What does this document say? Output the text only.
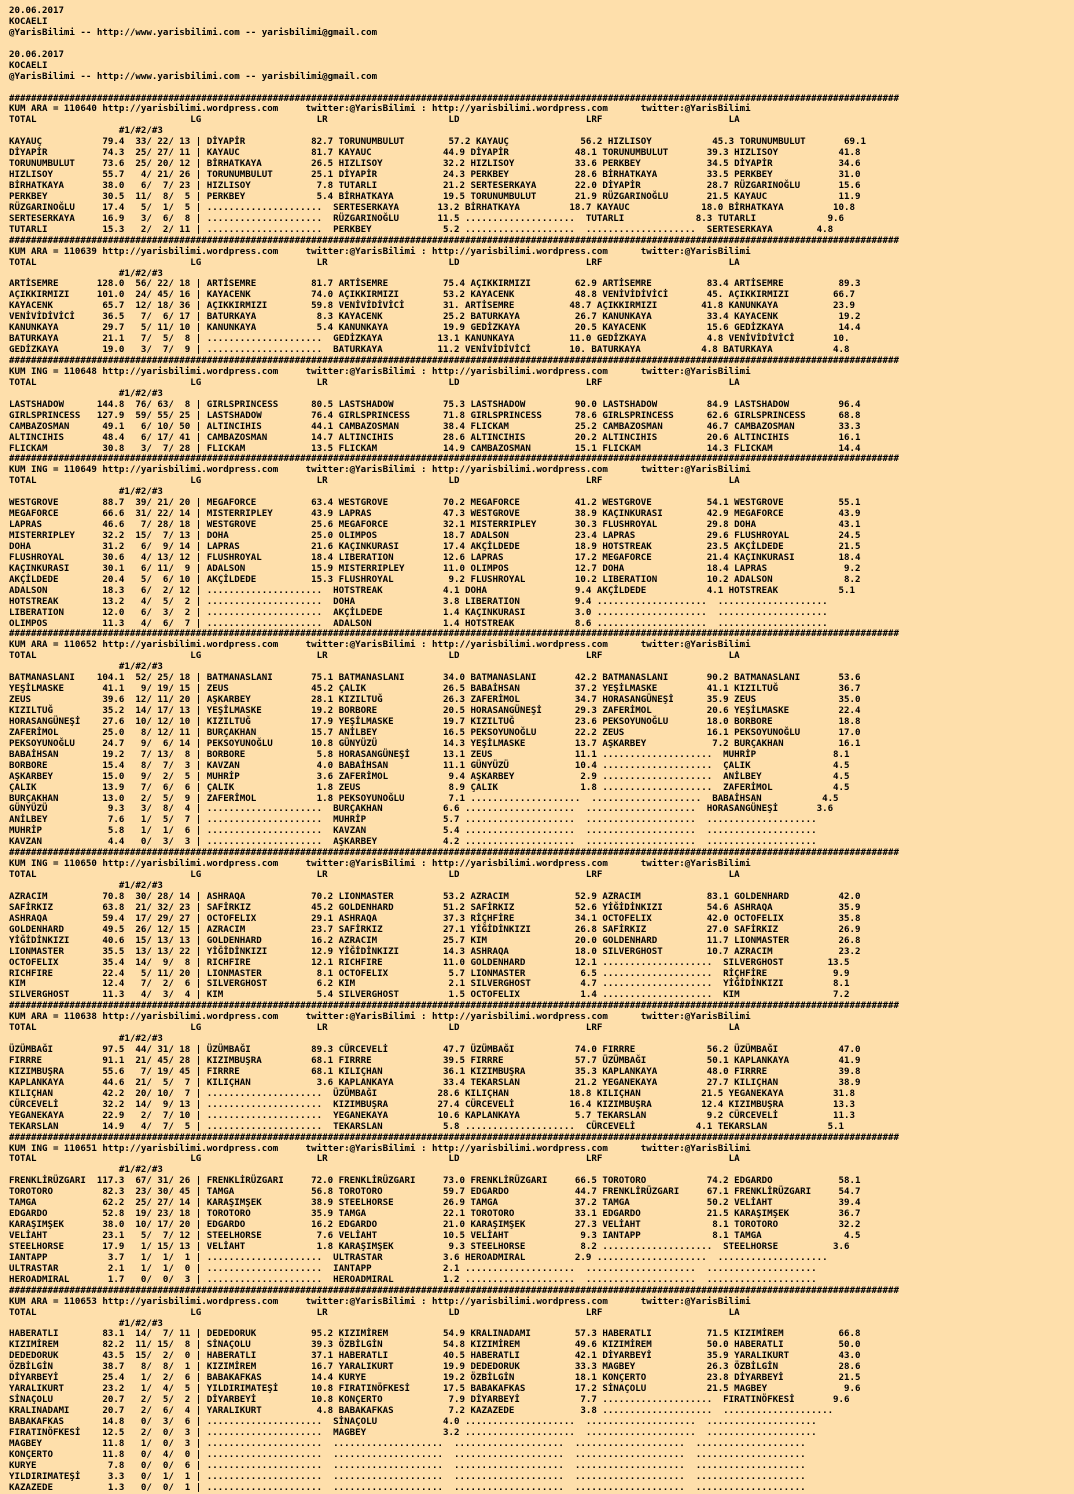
20.06.2017
KOCAELI
@YarisBilimi -- http://www.yarisbilimi.com -- yarisbilimi@gmail.com
20.06.2017
KOCAELI
@YarisBilimi -- http://www.yarisbilimi.com -- yarisbilimi@gmail.com
##################################################################################################################################################################
KUM ARA = 110640 http://yarisbilimi.wordpress.com     twitter:@YarisBilimi : http://yarisbilimi.wordpress.com      twitter:@YarisBilimi
TOTAL                            LG                     LR                      LD                       LRF                       LA
#1/#2/#3
KAYAUÇ           79.4  33/ 22/ 13 | DİYAPİR            82.7 TORUNUMBULUT        57.2 KAYAUÇ             56.2 HIZLISOY           45.3 TORUNUMBULUT       69.1
DİYAPİR          74.3  25/ 27/ 11 | KAYAUC             81.7 KAYAUC             44.9 DİYAPİR            48.1 TORUNUMBULUT       39.3 HIZLISOY           41.8
TORUNUMBULUT     73.6  25/ 20/ 12 | BİRHATKAYA         26.5 HIZLISOY           32.2 HIZLISOY           33.6 PERKBEY            34.5 DİYAPİR            34.6
HIZLISOY         55.7   4/ 21/ 26 | TORUNUMBULUT       25.1 DİYAPİR            24.3 PERKBEY            28.6 BİRHATKAYA         33.5 PERKBEY            31.0
BİRHATKAYA       38.0   6/  7/ 23 | HIZLISOY            7.8 TUTARLI            21.2 SERTESERKAYA       22.0 DİYAPİR            28.7 RÜZGARINOĞLU       15.6
PERKBEY          30.5  11/  8/  5 | PERKBEY             5.4 BİRHATKAYA         19.5 TORUNUMBULUT       21.9 RÜZGARINOĞLU       21.5 KAYAUC             11.9
RÜZGARINOĞLU     17.4   5/  1/  5 | .....................  SERTESERKAYA       13.2 BİRHATKAYA         18.7 KAYAUC             18.0 BİRHATKAYA         10.8
SERTESERKAYA     16.9   3/  6/  8 | .....................  RÜZGARINOĞLU       11.5 ....................  TUTARLI             8.3 TUTARLI             9.6
TUTARLI          15.3   2/  2/ 11 | .....................  PERKBEY             5.2 ....................  ....................  SERTESERKAYA        4.8
##################################################################################################################################################################
KUM ARA = 110639 http://yarisbilimi.wordpress.com     twitter:@YarisBilimi : http://yarisbilimi.wordpress.com      twitter:@YarisBilimi
TOTAL                            LG                     LR                      LD                       LRF                       LA
#1/#2/#3
ARTİSEMRE       128.0  56/ 22/ 18 | ARTİSEMRE          81.7 ARTİSEMRE          75.4 AÇIKKIRMIZI        62.9 ARTİSEMRE          83.4 ARTİSEMRE          89.3
AÇIKKIRMIZI     101.0  24/ 45/ 16 | KAYACENK           74.0 AÇIKKIRMIZI        53.2 KAYACENK           48.8 VENİVİDİVİCİ       45. AÇIKKIRMIZI        66.7
KAYACENK         65.7  12/ 18/ 36 | AÇIKKIRMIZI        59.8 VENİVİDİVİCİ       31. ARTİSEMRE          48.7 AÇIKKIRMIZI        41.8 KANUNKAYA          23.9
VENİVİDİVİCİ     36.5   7/  6/ 17 | BATURKAYA           8.3 KAYACENK           25.2 BATURKAYA          26.7 KANUNKAYA          33.4 KAYACENK           19.2
KANUNKAYA        29.7   5/ 11/ 10 | KANUNKAYA           5.4 KANUNKAYA          19.9 GEDİZKAYA          20.5 KAYACENK           15.6 GEDİZKAYA          14.4
BATURKAYA        21.1   7/  5/  8 | .....................  GEDİZKAYA          13.1 KANUNKAYA          11.0 GEDİZKAYA           4.8 VENİVİDİVİCİ       10.
GEDİZKAYA        19.0   3/  7/  9 | .....................  BATURKAYA          11.2 VENİVİDİVİCİ       10. BATURKAYA           4.8 BATURKAYA           4.8
##################################################################################################################################################################
KUM ING = 110648 http://yarisbilimi.wordpress.com     twitter:@YarisBilimi : http://yarisbilimi.wordpress.com      twitter:@YarisBilimi
TOTAL                            LG                     LR                      LD                       LRF                       LA
#1/#2/#3
LASTSHADOW      144.8  76/ 63/  8 | GIRLSPRINCESS      80.5 LASTSHADOW         75.3 LASTSHADOW         90.0 LASTSHADOW         84.9 LASTSHADOW         96.4
GIRLSPRINCESS   127.9  59/ 55/ 25 | LASTSHADOW         76.4 GIRLSPRINCESS      71.8 GIRLSPRINCESS      78.6 GIRLSPRINCESS      62.6 GIRLSPRINCESS      68.8
CAMBAZOSMAN      49.1   6/ 10/ 50 | ALTINCIHIS         44.1 CAMBAZOSMAN        38.4 FLICKAM            25.2 CAMBAZOSMAN        46.7 CAMBAZOSMAN        33.3
ALTINCIHIS       48.4   6/ 17/ 41 | CAMBAZOSMAN        14.7 ALTINCIHIS         28.6 ALTINCIHIS         20.2 ALTINCIHIS         20.6 ALTINCIHIS         16.1
FLICKAM          30.8   3/  7/ 28 | FLICKAM            13.5 FLICKAM            14.9 CAMBAZOSMAN        15.1 FLICKAM            14.3 FLICKAM            14.4
##################################################################################################################################################################
KUM ING = 110649 http://yarisbilimi.wordpress.com     twitter:@YarisBilimi : http://yarisbilimi.wordpress.com      twitter:@YarisBilimi
TOTAL                            LG                     LR                      LD                       LRF                       LA
#1/#2/#3
WESTGROVE        88.7  39/ 21/ 20 | MEGAFORCE          63.4 WESTGROVE          70.2 MEGAFORCE          41.2 WESTGROVE          54.1 WESTGROVE          55.1
MEGAFORCE        66.6  31/ 22/ 14 | MISTERRIPLEY       43.9 LAPRAS             47.3 WESTGROVE          38.9 KAÇINKURASI        42.9 MEGAFORCE          43.9
LAPRAS           46.6   7/ 28/ 18 | WESTGROVE          25.6 MEGAFORCE          32.1 MISTERRIPLEY       30.3 FLUSHROYAL         29.8 DOHA               43.1
MISTERRIPLEY     32.2  15/  7/ 13 | DOHA               25.0 OLIMPOS            18.7 ADALSON            23.4 LAPRAS             29.6 FLUSHROYAL         24.5
DOHA             31.2   6/  9/ 14 | LAPRAS             21.6 KAÇINKURASI        17.4 AKÇİLDEDE          18.9 HOTSTREAK          23.5 AKÇİLDEDE          21.5
FLUSHROYAL       30.6   4/ 13/ 12 | FLUSHROYAL         18.4 LIBERATION         12.6 LAPRAS             17.2 MEGAFORCE          21.4 KAÇINKURASI        18.4
KAÇINKURASI      30.1   6/ 11/  9 | ADALSON            15.9 MISTERRIPLEY       11.0 OLIMPOS            12.7 DOHA               18.4 LAPRAS              9.2
AKÇİLDEDE        20.4   5/  6/ 10 | AKÇİLDEDE          15.3 FLUSHROYAL          9.2 FLUSHROYAL         10.2 LIBERATION         10.2 ADALSON             8.2
ADALSON          18.3   6/  2/ 12 | .....................  HOTSTREAK           4.1 DOHA                9.4 AKÇİLDEDE           4.1 HOTSTREAK           5.1
HOTSTREAK        13.2   4/  5/  2 | .....................  DOHA                3.8 LIBERATION          9.4 ....................  ....................
LIBERATION       12.0   6/  3/  2 | .....................  AKÇİLDEDE           1.4 KAÇINKURASI         3.0 ....................  ....................
OLIMPOS          11.3   4/  6/  7 | .....................  ADALSON             1.4 HOTSTREAK           8.6 ....................  ....................
##################################################################################################################################################################
KUM ARA = 110652 http://yarisbilimi.wordpress.com     twitter:@YarisBilimi : http://yarisbilimi.wordpress.com      twitter:@YarisBilimi
TOTAL                            LG                     LR                      LD                       LRF                       LA
#1/#2/#3
BATMANASLANI    104.1  52/ 25/ 18 | BATMANASLANI       75.1 BATMANASLANI       34.0 BATMANASLANI       42.2 BATMANASLANI       90.2 BATMANASLANI       53.6
YEŞİLMASKE       41.1   9/ 19/ 15 | ZEUS               45.2 ÇALIK              26.5 BABAİHSAN          37.2 YEŞİLMASKE         41.1 KIZILTUĞ           36.7
ZEUS             39.6  12/ 11/ 20 | AŞKARBEY           28.1 KIZILTUĞ           26.3 ZAFERİMOL          34.7 HORASANGÜNEŞİ      35.9 ZEUS               35.0
KIZILTUĞ         35.2  14/ 17/ 13 | YEŞİLMASKE         19.2 BORBORE            20.5 HORASANGÜNEŞİ      29.3 ZAFERİMOL          20.6 YEŞİLMASKE         22.4
HORASANGÜNEŞİ    27.6  10/ 12/ 10 | KIZILTUĞ           17.9 YEŞİLMASKE         19.7 KIZILTUĞ           23.6 PEKSOYUNOĞLU       18.0 BORBORE            18.8
ZAFERİMOL        25.0   8/ 12/ 11 | BURÇAKHAN          15.7 ANİLBEY            16.5 PEKSOYUNOĞLU       22.2 ZEUS               16.1 PEKSOYUNOĞLU       17.0
PEKSOYUNOĞLU     24.7   9/  6/ 14 | PEKSOYUNOĞLU       10.8 GÜNYÜZÜ            14.3 YEŞİLMASKE         13.7 AŞKARBEY            7.2 BURÇAKHAN          16.1
BABAİHSAN        19.2   7/ 13/  8 | BORBORE             5.8 HORASANGÜNEŞİ      13.1 ZEUS               11.1 ....................  MUHRİP              8.1
BORBORE          15.4   8/  7/  3 | KAVZAN              4.0 BABAİHSAN          11.1 GÜNYÜZÜ            10.4 ....................  ÇALIK               4.5
AŞKARBEY         15.0   9/  2/  5 | MUHRİP              3.6 ZAFERİMOL           9.4 AŞKARBEY            2.9 ....................  ANİLBEY             4.5
ÇALIK            13.9   7/  6/  6 | ÇALIK               1.8 ZEUS                8.9 ÇALIK               1.8 ....................  ZAFERİMOL           4.5
BURÇAKHAN        13.0   2/  5/  9 | ZAFERİMOL           1.8 PEKSOYUNOĞLU        7.1 ....................  ....................  BABAİHSAN           4.5
GÜNYÜZÜ           9.3   3/  8/  4 | .....................  BURÇAKHAN           6.6 ....................  ....................  HORASANGÜNEŞİ       3.6
ANİLBEY           7.6   1/  5/  7 | .....................  MUHRİP              5.7 ....................  ....................  ....................
MUHRİP            5.8   1/  1/  6 | .....................  KAVZAN              5.4 ....................  ....................  ....................
KAVZAN            4.4   0/  3/  3 | .....................  AŞKARBEY            4.2 ....................  ....................  ....................
##################################################################################################################################################################
KUM ING = 110650 http://yarisbilimi.wordpress.com     twitter:@YarisBilimi : http://yarisbilimi.wordpress.com      twitter:@YarisBilimi
TOTAL                            LG                     LR                      LD                       LRF                       LA
#1/#2/#3
AZRACIM          70.8  30/ 28/ 14 | ASHRAQA            70.2 LIONMASTER         53.2 AZRACIM            52.9 AZRACIM            83.1 GOLDENHARD         42.0
SAFİRKIZ         63.8  21/ 32/ 23 | SAFİRKIZ           45.2 GOLDENHARD         51.2 SAFİRKIZ           52.6 YİĞİDİNKIZI        54.6 ASHRAQA            35.9
ASHRAQA          59.4  17/ 29/ 27 | OCTOFELIX          29.1 ASHRAQA            37.3 RİÇHFİRE           34.1 OCTOFELIX          42.0 OCTOFELIX          35.8
GOLDENHARD       49.5  26/ 12/ 15 | AZRACIM            23.7 SAFİRKIZ           27.1 YİĞİDİNKIZI        26.8 SAFİRKIZ           27.0 SAFİRKIZ           26.9
YİĞİDİNKIZI      40.6  15/ 13/ 13 | GOLDENHARD         16.2 AZRACIM            25.7 KIM                20.0 GOLDENHARD         11.7 LIONMASTER         26.8
LIONMASTER       35.5  13/ 13/ 22 | YİĞİDİNKIZI        12.9 YİĞİDİNKIZI        14.3 ASHRAQA            18.0 SILVERGHOST        10.7 AZRACIM            23.2
OCTOFELIX        35.4  14/  9/  8 | RICHFIRE           12.1 RICHFIRE           11.0 GOLDENHARD         12.1 ....................  SILVERGHOST        13.5
RICHFIRE         22.4   5/ 11/ 20 | LIONMASTER          8.1 OCTOFELIX           5.7 LIONMASTER          6.5 ....................  RİÇHFİRE            9.9
KIM              12.4   7/  2/  6 | SILVERGHOST         6.2 KIM                 2.1 SILVERGHOST         4.7 ....................  YİĞİDİNKIZI         8.1
SILVERGHOST      11.3   4/  3/  4 | KIM                 5.4 SILVERGHOST         1.5 OCTOFELIX           1.4 ....................  KIM                 7.2
##################################################################################################################################################################
KUM ARA = 110638 http://yarisbilimi.wordpress.com     twitter:@YarisBilimi : http://yarisbilimi.wordpress.com      twitter:@YarisBilimi
TOTAL                            LG                     LR                      LD                       LRF                       LA
#1/#2/#3
ÜZÜMBAĞI         97.5  44/ 31/ 18 | ÜZÜMBAĞI           89.3 CÜRCEVELİ          47.7 ÜZÜMBAĞI           74.0 FIRRRE             56.2 ÜZÜMBAĞI           47.0
FIRRRE           91.1  21/ 45/ 28 | KIZIMBUŞRA         68.1 FIRRRE             39.5 FIRRRE             57.7 ÜZÜMBAĞI           50.1 KAPLANKAYA         41.9
KIZIMBUŞRA       55.6   7/ 19/ 45 | FIRRRE             68.1 KILIÇHAN           36.1 KIZIMBUŞRA         35.3 KAPLANKAYA         48.0 FIRRRE             39.8
KAPLANKAYA       44.6  21/  5/  7 | KILIÇHAN            3.6 KAPLANKAYA         33.4 TEKARSLAN          21.2 YEGANEKAYA         27.7 KILIÇHAN           38.9
KILIÇHAN         42.2  20/ 10/  7 | .....................  ÜZÜMBAĞI           28.6 KILIÇHAN           18.8 KILIÇHAN           21.5 YEGANEKAYA         31.8
CÜRCEVELİ        32.2  14/  9/ 13 | .....................  KIZIMBUŞRA         27.4 CÜRCEVELİ          16.4 KIZIMBUŞRA         12.4 KIZIMBUŞRA         13.3
YEGANEKAYA       22.9   2/  7/ 10 | .....................  YEGANEKAYA         10.6 KAPLANKAYA          5.7 TEKARSLAN           9.2 CÜRCEVELİ          11.3
TEKARSLAN        14.9   4/  7/  5 | .....................  TEKARSLAN           5.8 ....................  CÜRCEVELİ           4.1 TEKARSLAN           5.1
##################################################################################################################################################################
KUM ING = 110651 http://yarisbilimi.wordpress.com     twitter:@YarisBilimi : http://yarisbilimi.wordpress.com      twitter:@YarisBilimi
TOTAL                            LG                     LR                      LD                       LRF                       LA
#1/#2/#3
FRENKLİRÜZGARI  117.3  67/ 31/ 26 | FRENKLİRÜZGARI     72.0 FRENKLİRÜZGARI     73.0 FRENKLİRÜZGARI     66.5 TOROTORO           74.2 EDGARDO            58.1
TOROTORO         82.3  23/ 30/ 45 | TAMGA              56.8 TOROTORO           59.7 EDGARDO            44.7 FRENKLİRÜZGARI     67.1 FRENKLİRÜZGARI     54.7
TAMGA            62.2  25/ 27/ 14 | KARAŞIMŞEK         38.9 STEELHORSE         26.9 TAMGA              37.2 TAMGA              50.2 VELİAHT            39.4
EDGARDO          52.8  19/ 23/ 18 | TOROTORO           35.9 TAMGA              22.1 TOROTORO           33.1 EDGARDO            21.5 KARAŞIMŞEK         36.7
KARAŞIMŞEK       38.0  10/ 17/ 20 | EDGARDO            16.2 EDGARDO            21.0 KARAŞIMŞEK         27.3 VELİAHT             8.1 TOROTORO           32.2
VELİAHT          23.1   5/  7/ 12 | STEELHORSE          7.6 VELİAHT            10.5 VELİAHT             9.3 IANTAPP             8.1 TAMGA               4.5
STEELHORSE       17.9   1/ 15/ 13 | VELİAHT             1.8 KARAŞIMŞEK          9.3 STEELHORSE          8.2 ....................  STEELHORSE          3.6
IANTAPP           3.7   1/  1/  1 | .....................  ULTRASTAR           3.6 HEROADMIRAL         2.9 ....................  ....................
ULTRASTAR         2.1   1/  1/  0 | .....................  IANTAPP             2.1 ....................  ....................  ....................
HEROADMIRAL       1.7   0/  0/  3 | .....................  HEROADMIRAL         1.2 ....................  ....................  ....................
##################################################################################################################################################################
KUM ARA = 110653 http://yarisbilimi.wordpress.com     twitter:@YarisBilimi : http://yarisbilimi.wordpress.com      twitter:@YarisBilimi
TOTAL                            LG                     LR                      LD                       LRF                       LA
#1/#2/#3
HABERATLI        83.1  14/  7/ 11 | DEDEDORUK          95.2 KIZIMİREM          54.9 KRALINADAMI        57.3 HABERATLI          71.5 KIZIMİREM          66.8
KIZIMİREM        82.2  11/ 15/  8 | SİNAÇOLU           39.3 ÖZBİLGİN           54.8 KIZIMİREM          49.6 KIZIMİREM          50.0 HABERATLI          50.0
DEDEDORUK        43.5  15/  2/  0 | HABERATLI          37.1 HABERATLI          40.5 HABERATLI          42.1 DİYARBEYİ          35.9 YARALIKURT         43.0
ÖZBİLGİN         38.7   8/  8/  1 | KIZIMİREM          16.7 YARALIKURT         19.9 DEDEDORUK          33.3 MAGBEY             26.3 ÖZBİLGİN           28.6
DİYARBEYİ        25.4   1/  2/  6 | BABAKAFKAS         14.4 KURYE              19.2 ÖZBİLGİN           18.1 KONÇERTO           23.8 DİYARBEYİ          21.5
YARALIKURT       23.2   1/  4/  5 | YILDIRIMATEŞİ      10.8 FIRATINÖFKESİ      17.5 BABAKAFKAS         17.2 SİNAÇOLU           21.5 MAGBEY              9.6
SİNAÇOLU         20.7   2/  5/  2 | DİYARBEYİ          10.8 KONÇERTO            7.9 DİYARBEYİ           7.7 ....................  FIRATINÖFKESİ       9.6
KRALINADAMI      20.7   2/  6/  4 | YARALIKURT          4.8 BABAKAFKAS          7.2 KAZAZEDE            3.8 ....................  ....................
BABAKAFKAS       14.8   0/  3/  6 | .....................  SİNAÇOLU            4.0 ....................  ....................  ....................
FIRATINÖFKESİ    12.5   2/  0/  3 | .....................  MAGBEY              3.2 ....................  ....................  ....................
MAGBEY           11.8   1/  0/  3 | .....................  ....................  ....................  ....................  ....................
KONÇERTO         11.8   0/  4/  0 | .....................  ....................  ....................  ....................  ....................
KURYE             7.8   0/  0/  6 | .....................  ....................  ....................  ....................  ....................
YILDIRIMATEŞİ     3.3   0/  1/  1 | .....................  ....................  ....................  ....................  ....................
KAZAZEDE          1.3   0/  0/  1 | .....................  ....................  ....................  ....................  ....................
